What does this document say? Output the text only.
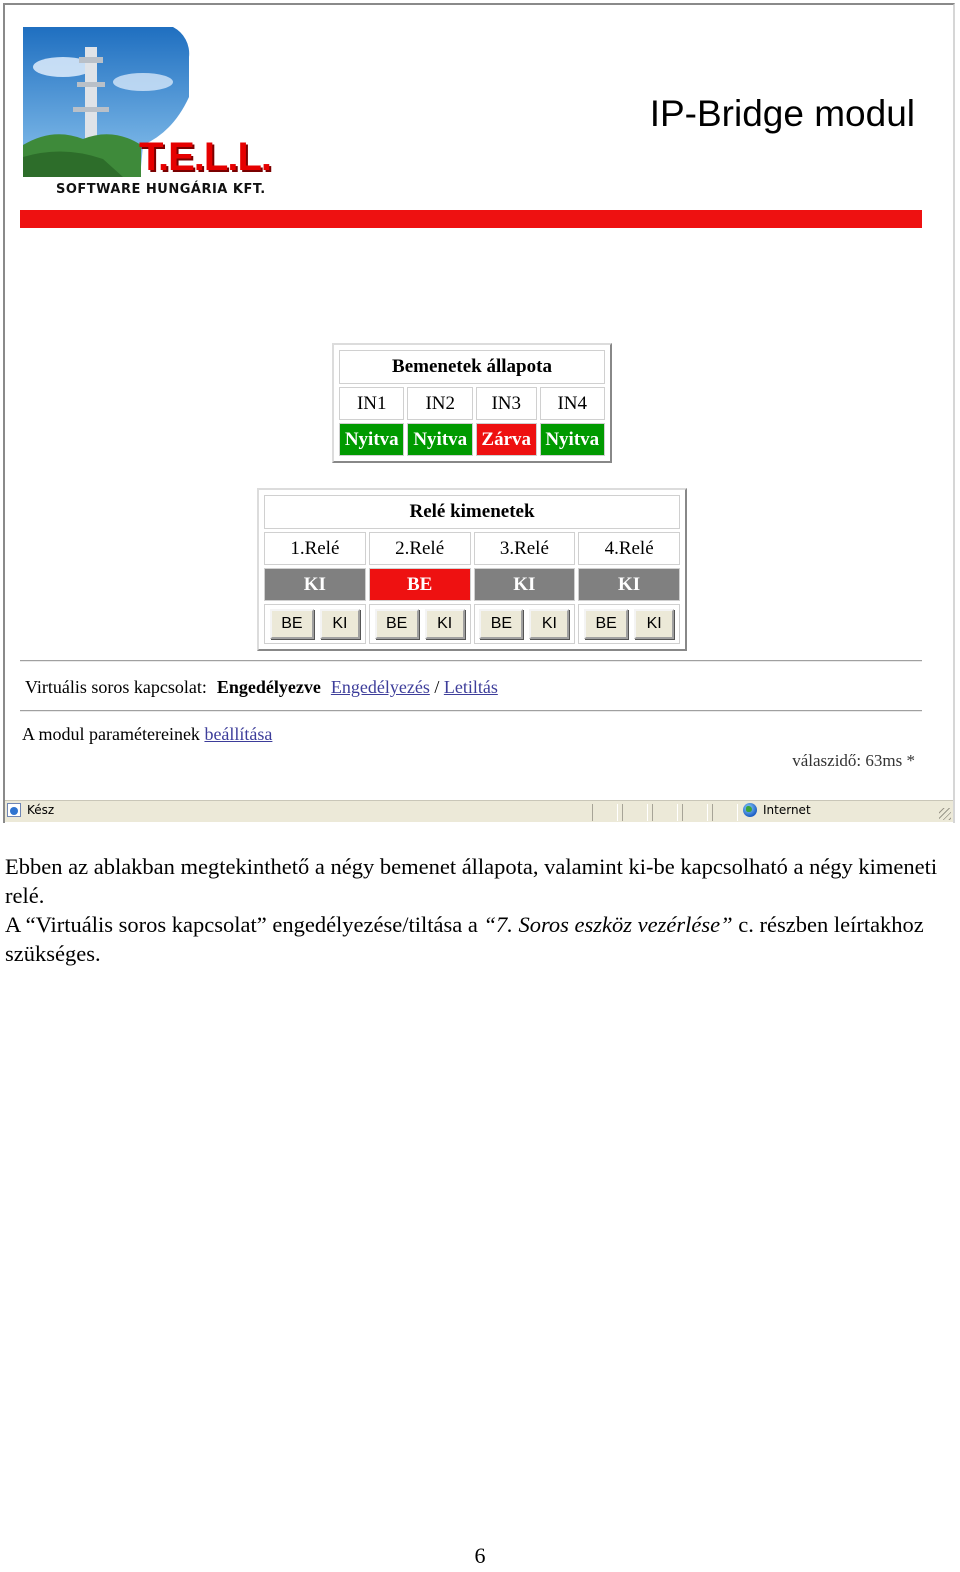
T.E.L.L.
SOFTWARE HUNGÁRIA KFT.
IP-Bridge modul
Bemenetek állapota			
IN1	IN2	IN3	IN4
Nyitva	Nyitva	Zárva	Nyitva
Relé kimenetek			
1.Relé	2.Relé	3.Relé	4.Relé
KI	BE	KI	KI
BE KI	BE KI	BE KI	BE KI
Virtuális soros kapcsolat: Engedélyezve Engedélyezés / Letiltás
A modul paramétereinek beállítása
válaszidő: 63ms *
Kész	Internet

Ebben az ablakban megtekinthető a négy bemenet állapota, valamint ki-be kapcsolható a négy kimeneti relé.

A “Virtuális soros kapcsolat” engedélyezése/tiltása a “7. Soros eszköz vezérlése” c. részben leírtakhoz szükséges.

6
